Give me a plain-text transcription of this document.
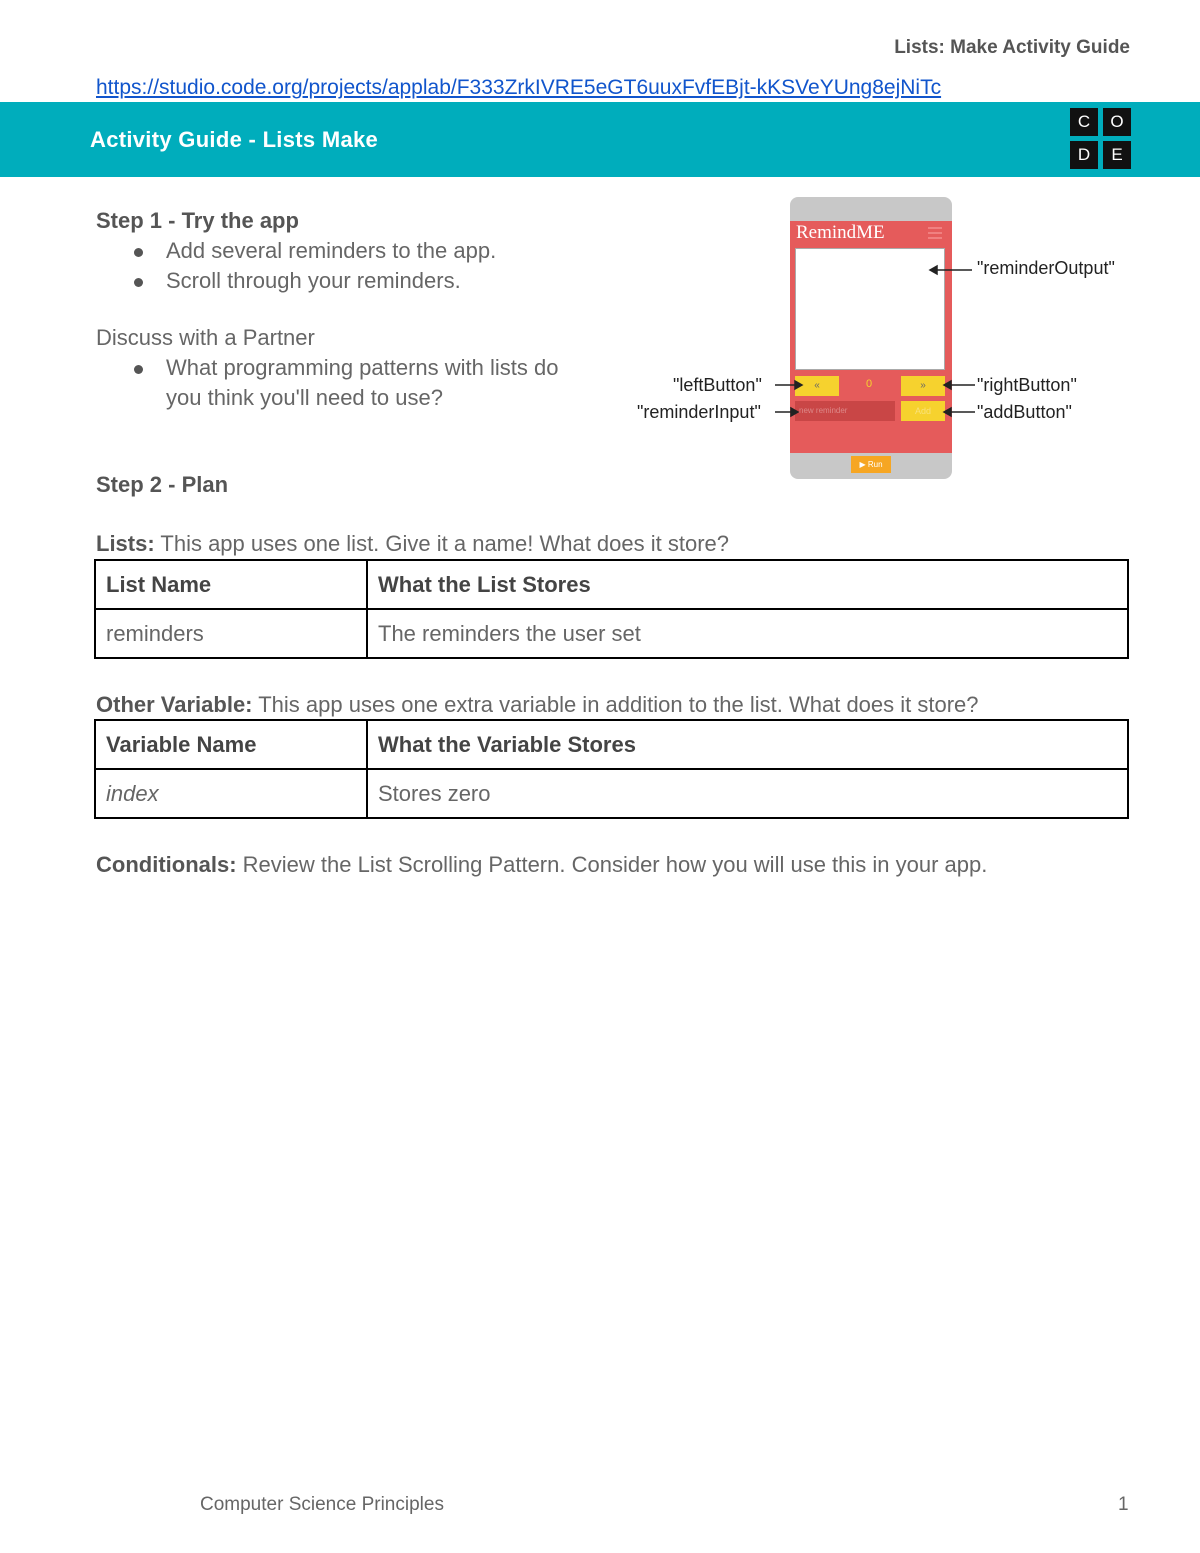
Lists: Make Activity Guide
https://studio.code.org/projects/applab/F333ZrkIVRE5eGT6uuxFvfEBjt-kKSVeYUng8ejNiTc
Activity Guide - Lists Make
C	O
D	E
Step 1 - Try the app
Add several reminders to the app.
Scroll through your reminders.
Discuss with a Partner
What programming patterns with lists do
you think you'll need to use?
RemindME
«	0	»
new reminder	Add
▶ Run
"reminderOutput"
"leftButton"	"rightButton"
"reminderInput"	"addButton"
Step 2 - Plan
Lists: This app uses one list. Give it a name! What does it store?
List Name	What the List Stores
reminders	The reminders the user set
Other Variable: This app uses one extra variable in addition to the list. What does it store?
Variable Name	What the Variable Stores
index	Stores zero
Conditionals: Review the List Scrolling Pattern. Consider how you will use this in your app.
Computer Science Principles	1
